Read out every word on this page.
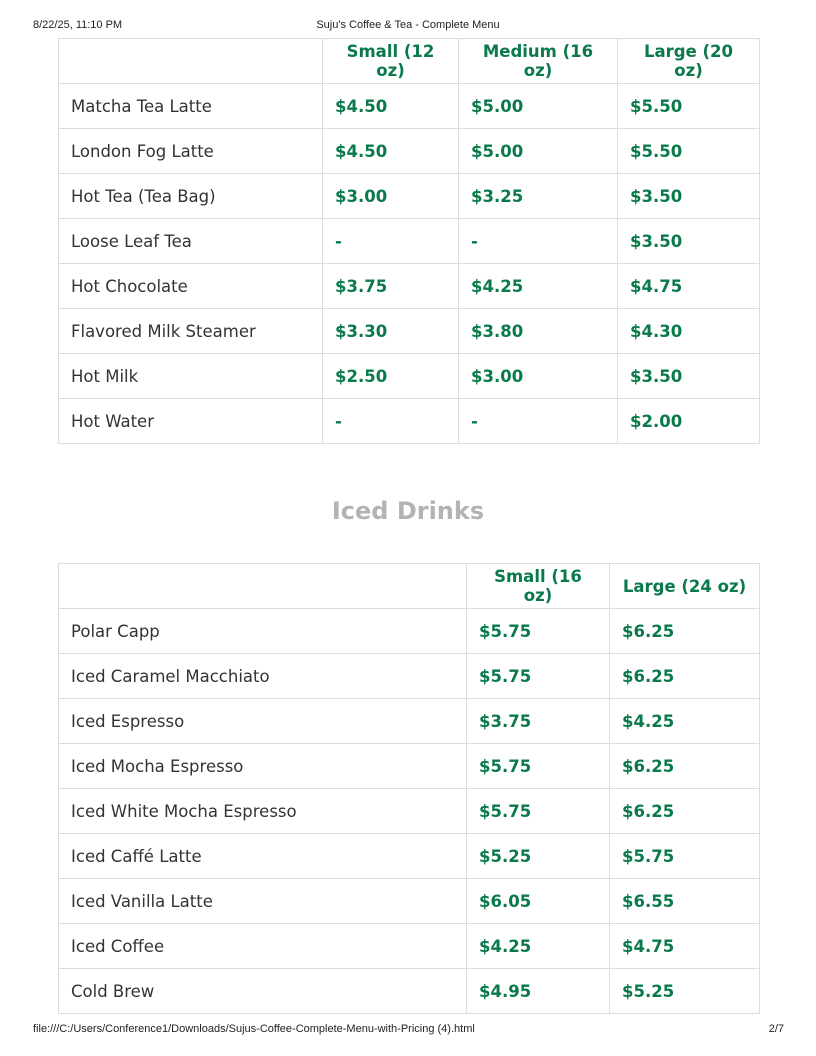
8/22/25, 11:10 PM	Suju's Coffee & Tea - Complete Menu
	Small (12 oz)	Medium (16 oz)	Large (20 oz)
Matcha Tea Latte	$4.50	$5.00	$5.50
London Fog Latte	$4.50	$5.00	$5.50
Hot Tea (Tea Bag)	$3.00	$3.25	$3.50
Loose Leaf Tea	-	-	$3.50
Hot Chocolate	$3.75	$4.25	$4.75
Flavored Milk Steamer	$3.30	$3.80	$4.30
Hot Milk	$2.50	$3.00	$3.50
Hot Water	-	-	$2.00
Iced Drinks
	Small (16 oz)	Large (24 oz)
Polar Capp	$5.75	$6.25
Iced Caramel Macchiato	$5.75	$6.25
Iced Espresso	$3.75	$4.25
Iced Mocha Espresso	$5.75	$6.25
Iced White Mocha Espresso	$5.75	$6.25
Iced Caffé Latte	$5.25	$5.75
Iced Vanilla Latte	$6.05	$6.55
Iced Coffee	$4.25	$4.75
Cold Brew	$4.95	$5.25
file:///C:/Users/Conference1/Downloads/Sujus-Coffee-Complete-Menu-with-Pricing (4).html	2/7
